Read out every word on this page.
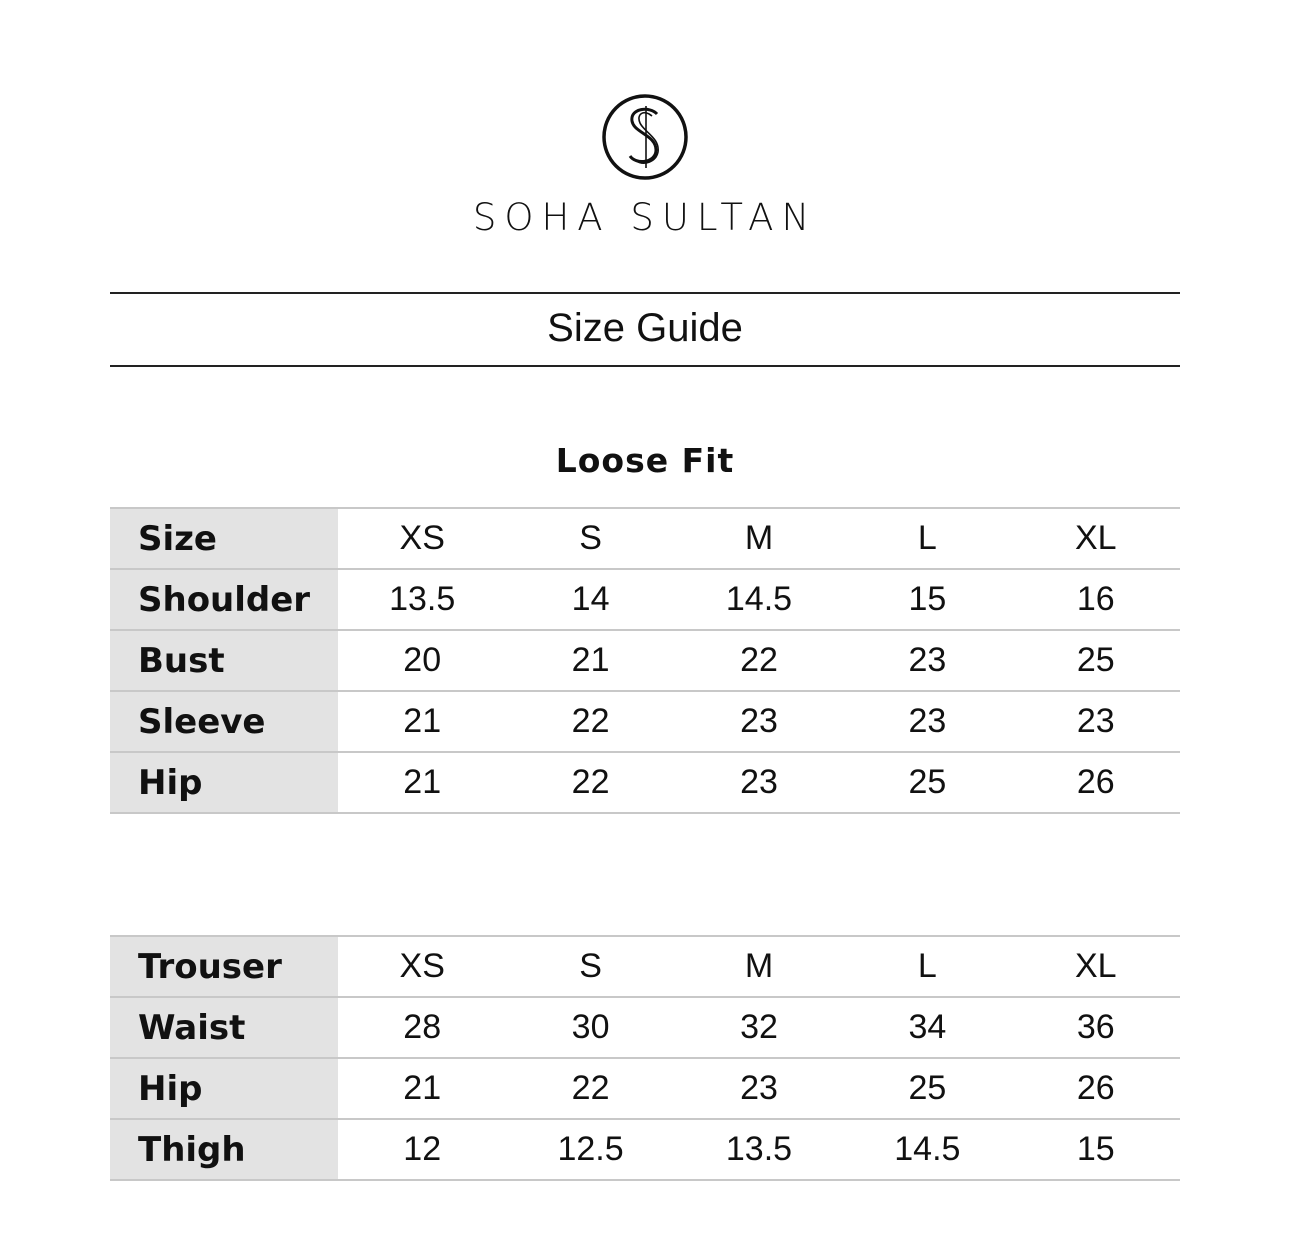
SOHA SULTAN
Size Guide
Loose Fit
Size	XS	S	M	L	XL
Shoulder	13.5	14	14.5	15	16
Bust	20	21	22	23	25
Sleeve	21	22	23	23	23
Hip	21	22	23	25	26
Trouser	XS	S	M	L	XL
Waist	28	30	32	34	36
Hip	21	22	23	25	26
Thigh	12	12.5	13.5	14.5	15
